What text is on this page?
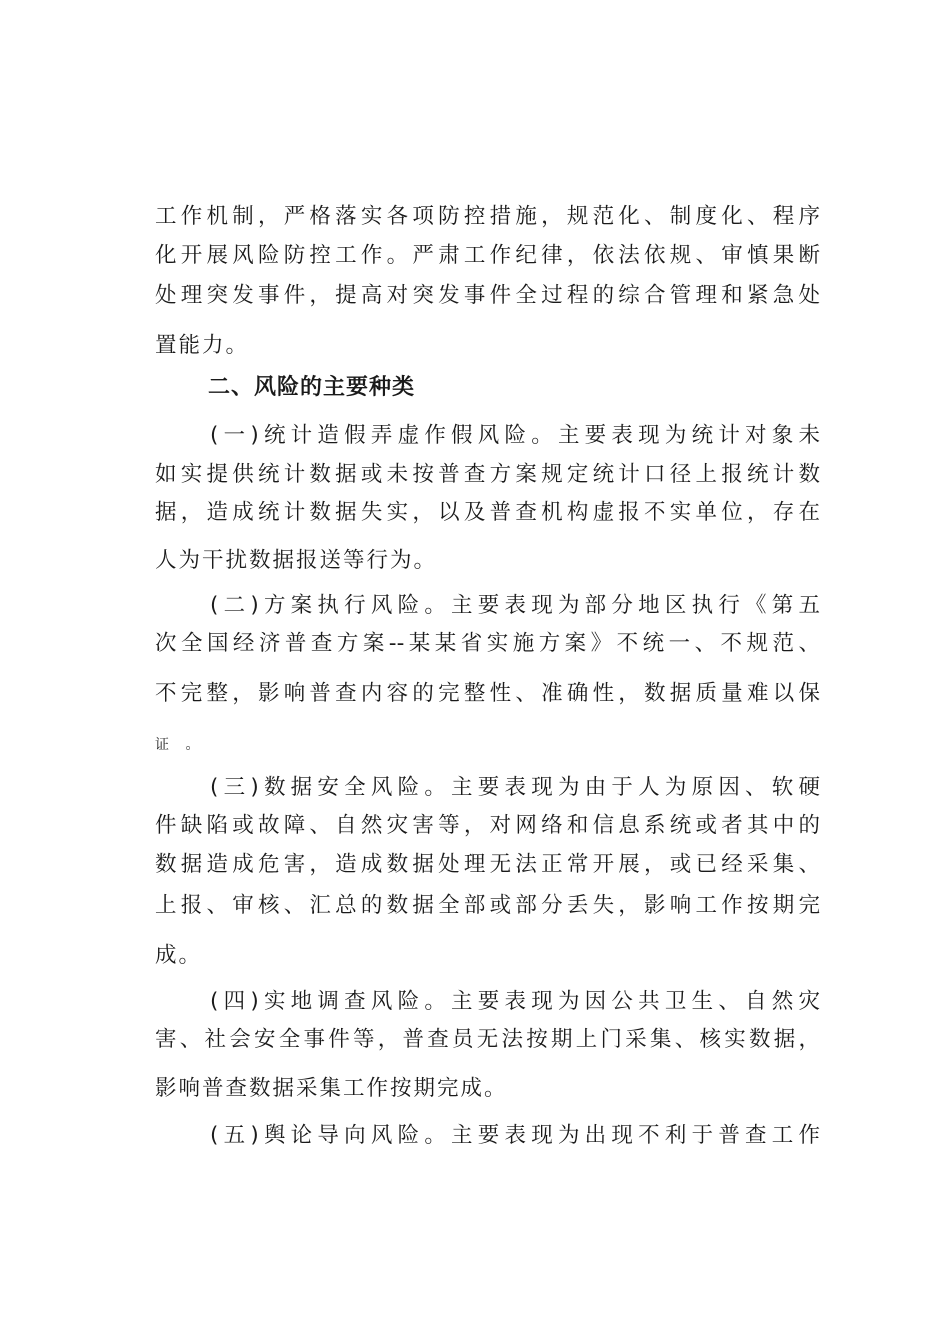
工作机制，严格落实各项防控措施，规范化、制度化、程序
化开展风险防控工作。严肃工作纪律，依法依规、审慎果断
处理突发事件，提高对突发事件全过程的综合管理和紧急处
置能力。
二、风险的主要种类
(一)统计造假弄虚作假风险。主要表现为统计对象未
如实提供统计数据或未按普查方案规定统计口径上报统计数
据，造成统计数据失实，以及普查机构虚报不实单位，存在
人为干扰数据报送等行为。
(二)方案执行风险。主要表现为部分地区执行《第五
次全国经济普查方案--某某省实施方案》不统一、不规范、
不完整，影响普查内容的完整性、准确性，数据质量难以保
证 。
(三)数据安全风险。主要表现为由于人为原因、软硬
件缺陷或故障、自然灾害等，对网络和信息系统或者其中的
数据造成危害，造成数据处理无法正常开展，或已经采集、
上报、审核、汇总的数据全部或部分丢失，影响工作按期完
成。
(四)实地调查风险。主要表现为因公共卫生、自然灾
害、社会安全事件等，普查员无法按期上门采集、核实数据，
影响普查数据采集工作按期完成。
(五)舆论导向风险。主要表现为出现不利于普查工作
